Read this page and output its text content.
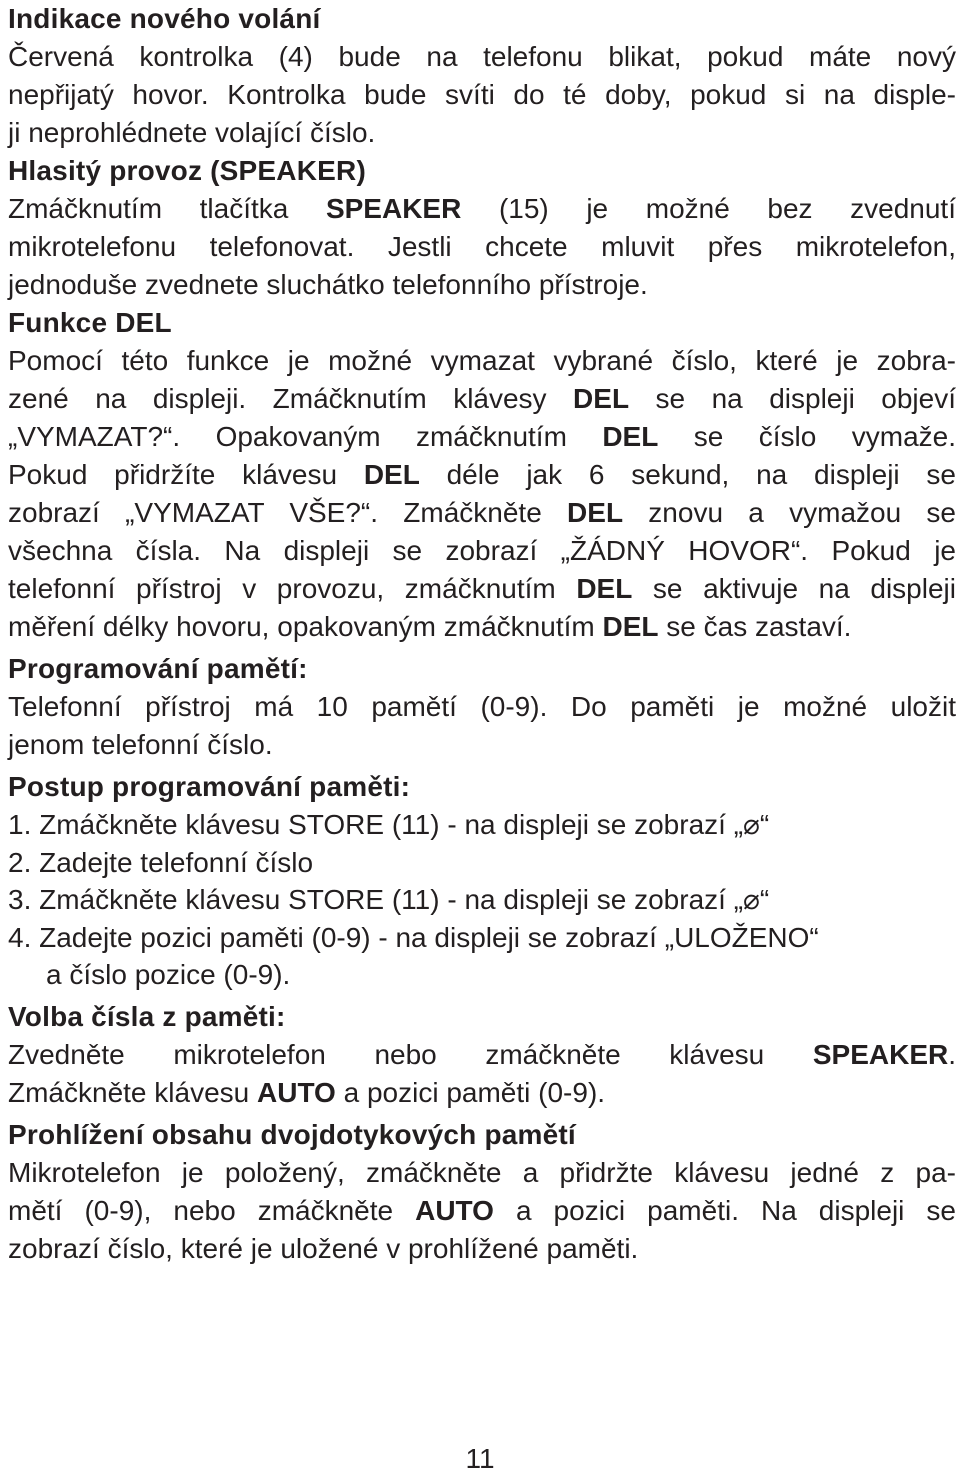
Indikace nového volání
Červená kontrolka (4) bude na telefonu blikat, pokud máte nový
nepřijatý hovor. Kontrolka bude svíti do té doby, pokud si na disple-
ji neprohlédnete volající číslo.
Hlasitý provoz (SPEAKER)
Zmáčknutím tlačítka SPEAKER (15) je možné bez zvednutí
mikrotelefonu telefonovat. Jestli chcete mluvit přes mikrotelefon,
jednoduše zvednete sluchátko telefonního přístroje.
Funkce DEL
Pomocí této funkce je možné vymazat vybrané číslo, které je zobra-
zené na displeji. Zmáčknutím klávesy DEL se na displeji objeví
„VYMAZAT?“. Opakovaným zmáčknutím DEL se číslo vymaže.
Pokud přidržíte klávesu DEL déle jak 6 sekund, na displeji se
zobrazí „VYMAZAT VŠE?“. Zmáčkněte DEL znovu a vymažou se
všechna čísla. Na displeji se zobrazí „ŽÁDNÝ HOVOR“. Pokud je
telefonní přístroj v provozu, zmáčknutím DEL se aktivuje na displeji
měření délky hovoru, opakovaným zmáčknutím DEL se čas zastaví.
Programování pamětí:
Telefonní přístroj má 10 pamětí (0-9). Do paměti je možné uložit
jenom telefonní číslo.
Postup programování paměti:
1. Zmáčkněte klávesu STORE (11) - na displeji se zobrazí „⌀“
2. Zadejte telefonní číslo
3. Zmáčkněte klávesu STORE (11) - na displeji se zobrazí „⌀“
4. Zadejte pozici paměti (0-9) - na displeji se zobrazí „ULOŽENO“
a číslo pozice (0-9).
Volba čísla z paměti:
Zvedněte mikrotelefon nebo zmáčkněte klávesu SPEAKER.
Zmáčkněte klávesu AUTO a pozici paměti (0-9).
Prohlížení obsahu dvojdotykových pamětí
Mikrotelefon je položený, zmáčkněte a přidržte klávesu jedné z pa-
mětí (0-9), nebo zmáčkněte AUTO a pozici paměti. Na displeji se
zobrazí číslo, které je uložené v prohlížené paměti.
11
